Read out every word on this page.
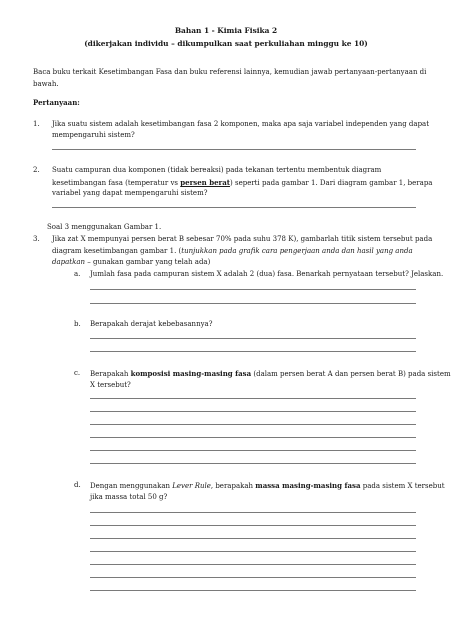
Bahan 1 - Kimia Fisika 2
(dikerjakan individu – dikumpulkan saat perkuliahan minggu ke 10)
Baca buku terkait Kesetimbangan Fasa dan buku referensi lainnya, kemudian jawab pertanyaan-pertanyaan di
bawah.
Pertanyaan:
1. Jika suatu sistem adalah kesetimbangan fasa 2 komponen, maka apa saja variabel independen yang dapat
mempengaruhi sistem?
2. Suatu campuran dua komponen (tidak bereaksi) pada tekanan tertentu membentuk diagram
kesetimbangan fasa (temperatur vs persen berat) seperti pada gambar 1. Dari diagram gambar 1, berapa
variabel yang dapat mempengaruhi sistem?
Soal 3 menggunakan Gambar 1.
3. Jika zat X mempunyai persen berat B sebesar 70% pada suhu 378 K), gambarlah titik sistem tersebut pada
diagram kesetimbangan gambar 1. (tunjukkan pada grafik cara pengerjaan anda dan hasil yang anda
dapatkan – gunakan gambar yang telah ada)
a. Jumlah fasa pada campuran sistem X adalah 2 (dua) fasa. Benarkah pernyataan tersebut? Jelaskan.
b. Berapakah derajat kebebasannya?
c. Berapakah komposisi masing-masing fasa (dalam persen berat A dan persen berat B) pada sistem
X tersebut?
d. Dengan menggunakan Lever Rule, berapakah massa masing-masing fasa pada sistem X tersebut
jika massa total 50 g?
